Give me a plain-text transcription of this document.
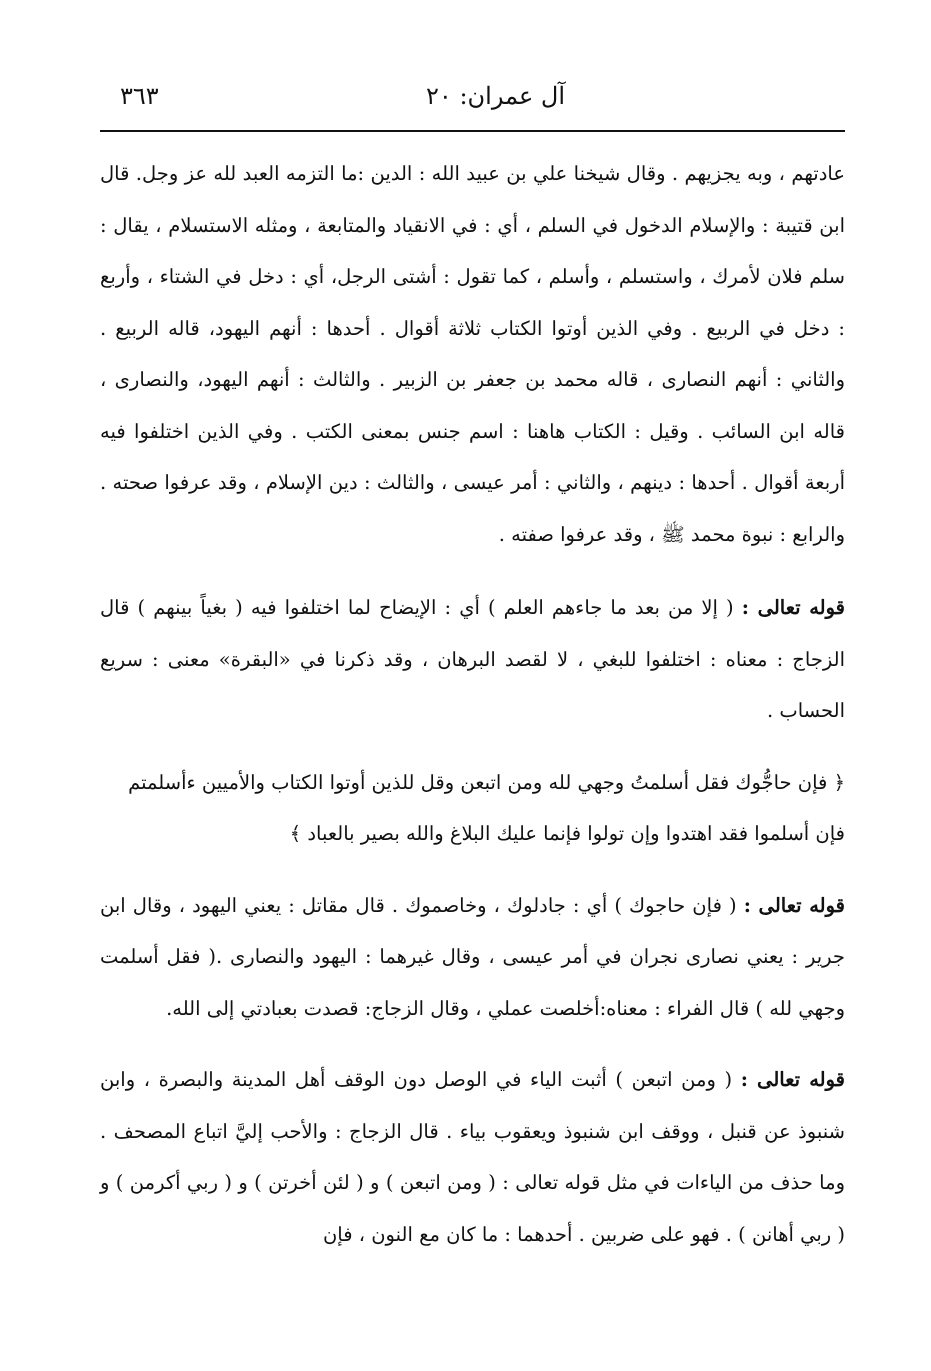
آل عمران: ٢٠
٣٦٣

عادتهم ، وبه يجزيهم . وقال شيخنا علي بن عبيد الله : الدين :ما التزمه العبد لله عز وجل. قال ابن قتيبة : والإسلام الدخول في السلم ، أي : في الانقياد والمتابعة ، ومثله الاستسلام ، يقال : سلم فلان لأمرك ، واستسلم ، وأسلم ، كما تقول : أشتى الرجل، أي : دخل في الشتاء ، وأربع : دخل في الربيع . وفي الذين أوتوا الكتاب ثلاثة أقوال . أحدها : أنهم اليهود، قاله الربيع . والثاني : أنهم النصارى ، قاله محمد بن جعفر بن الزبير . والثالث : أنهم اليهود، والنصارى ، قاله ابن السائب . وقيل : الكتاب هاهنا : اسم جنس بمعنى الكتب . وفي الذين اختلفوا فيه أربعة أقوال . أحدها : دينهم ، والثاني : أمر عيسى ، والثالث : دين الإسلام ، وقد عرفوا صحته . والرابع : نبوة محمد ﷺ ، وقد عرفوا صفته .

قوله تعالى : ( إلا من بعد ما جاءهم العلم ) أي : الإيضاح لما اختلفوا فيه ( بغياً بينهم ) قال الزجاج : معناه : اختلفوا للبغي ، لا لقصد البرهان ، وقد ذكرنا في «البقرة» معنى : سريع الحساب .

﴿ فإن حاجُّوك فقل أسلمتُ وجهي لله ومن اتبعن وقل للذين أوتوا الكتاب والأميين ءأسلمتم فإن أسلموا فقد اهتدوا وإن تولوا فإنما عليك البلاغ والله بصير بالعباد ﴾

قوله تعالى : ( فإن حاجوك ) أي : جادلوك ، وخاصموك . قال مقاتل : يعني اليهود ، وقال ابن جرير : يعني نصارى نجران في أمر عيسى ، وقال غيرهما : اليهود والنصارى .( فقل أسلمت وجهي لله ) قال الفراء : معناه:أخلصت عملي ، وقال الزجاج: قصدت بعبادتي إلى الله.

قوله تعالى : ( ومن اتبعن ) أثبت الياء في الوصل دون الوقف أهل المدينة والبصرة ، وابن شنبوذ عن قنبل ، ووقف ابن شنبوذ ويعقوب بياء . قال الزجاج : والأحب إليَّ اتباع المصحف . وما حذف من الياءات في مثل قوله تعالى : ( ومن اتبعن ) و ( لئن أخرتن ) و ( ربي أكرمن ) و ( ربي أهانن ) . فهو على ضربين . أحدهما : ما كان مع النون ، فإن
